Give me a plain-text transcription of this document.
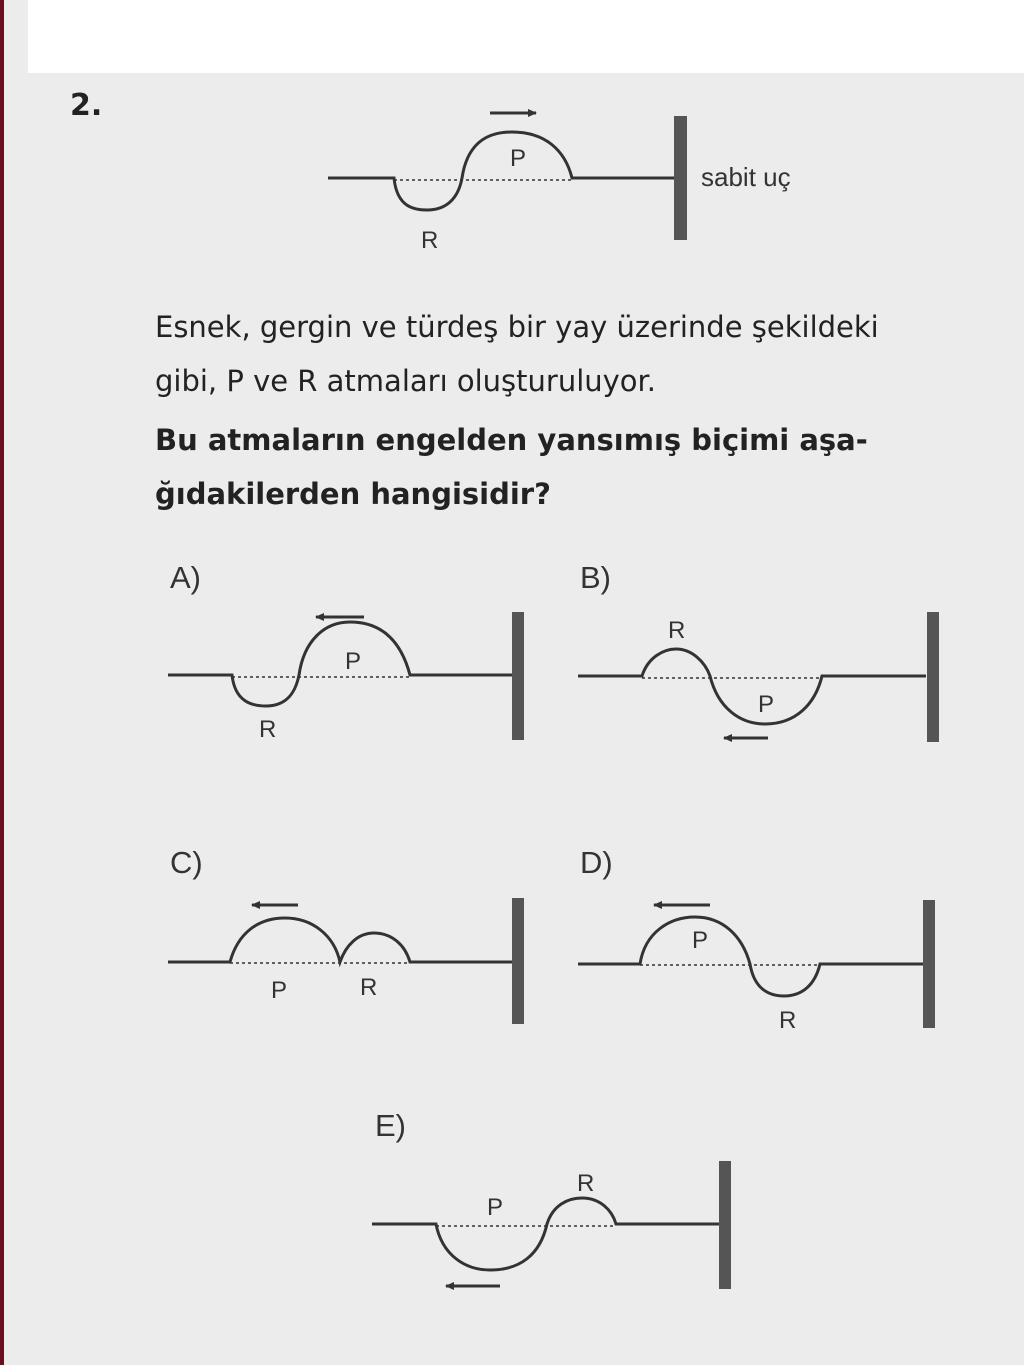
2.
P
R
sabit uç
P
R
R
P
P	R
P
R
P
R
Esnek, gergin ve türdeş bir yay üzerinde şekildeki
gibi, P ve R atmaları oluşturuluyor.
Bu atmaların engelden yansımış biçimi aşa-
ğıdakilerden hangisidir?
A)	B)
C)	D)
E)
